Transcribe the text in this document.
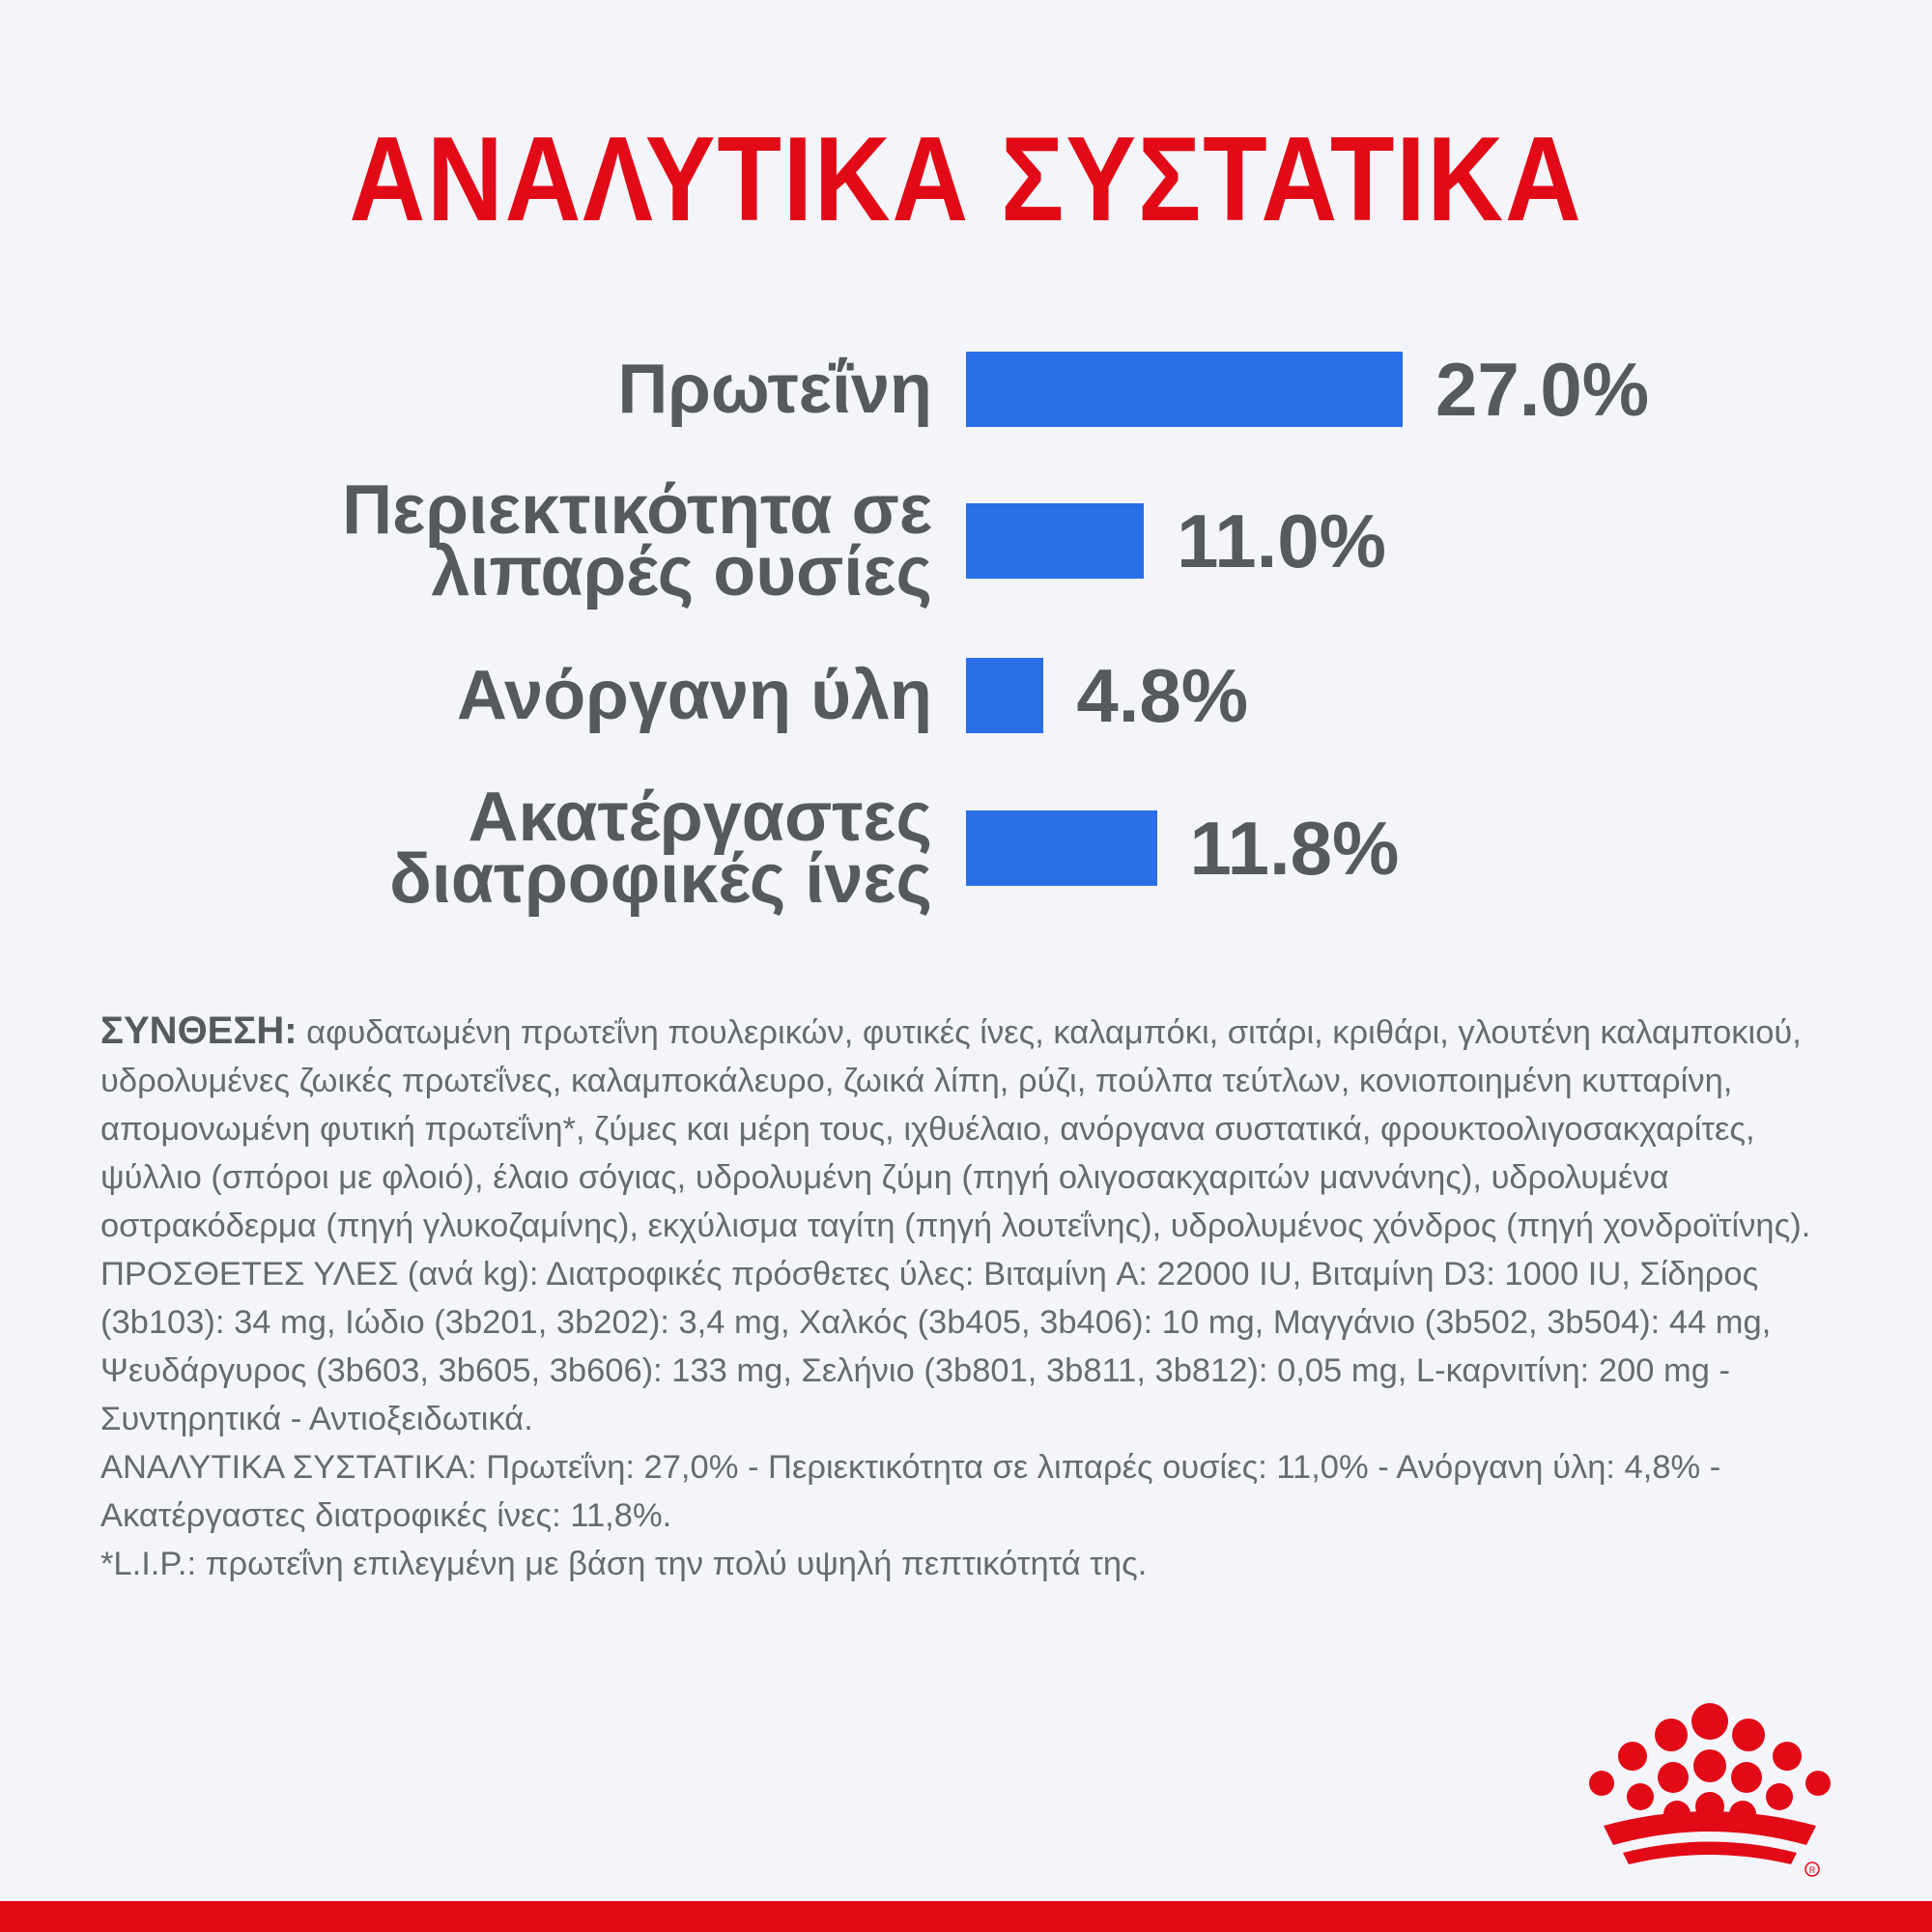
ΑΝΑΛΥΤΙΚΑ ΣΥΣΤΑΤΙΚΑ
Πρωτεΐνη	27.0%
Περιεκτικότητα σε λιπαρές ουσίες	11.0%
Ανόργανη ύλη 4.8%
Ακατέργαστες διατροφικές ίνες	11.8%

ΣΥΝΘΕΣΗ: αφυδατωμένη πρωτεΐνη πουλερικών, φυτικές ίνες, καλαμπόκι, σιτάρι, κριθάρι, γλουτένη καλαμποκιού, υδρολυμένες ζωικές πρωτεΐνες, καλαμποκάλευρο, ζωικά λίπη, ρύζι, πούλπα τεύτλων, κονιοποιημένη κυτταρίνη, απομονωμένη φυτική πρωτεΐνη*, ζύμες και μέρη τους, ιχθυέλαιο, ανόργανα συστατικά, φρουκτοολιγοσακχαρίτες, ψύλλιο (σπόροι με φλοιό), έλαιο σόγιας, υδρολυμένη ζύμη (πηγή ολιγοσακχαριτών μαννάνης), υδρολυμένα οστρακόδερμα (πηγή γλυκοζαμίνης), εκχύλισμα ταγίτη (πηγή λουτεΐνης), υδρολυμένος χόνδρος (πηγή χονδροϊτίνης).

ΠΡΟΣΘΕΤΕΣ ΥΛΕΣ (ανά kg): Διατροφικές πρόσθετες ύλες: Βιταμίνη A: 22000 IU, Βιταμίνη D3: 1000 IU, Σίδηρος (3b103): 34 mg, Ιώδιο (3b201, 3b202): 3,4 mg, Χαλκός (3b405, 3b406): 10 mg, Μαγγάνιο (3b502, 3b504): 44 mg, Ψευδάργυρος (3b603, 3b605, 3b606): 133 mg, Σελήνιο (3b801, 3b811, 3b812): 0,05 mg, L-καρνιτίνη: 200 mg - Συντηρητικά - Αντιοξειδωτικά.

ΑΝΑΛΥΤΙΚΑ ΣΥΣΤΑΤΙΚΑ: Πρωτεΐνη: 27,0% - Περιεκτικότητα σε λιπαρές ουσίες: 11,0% - Ανόργανη ύλη: 4,8% - Ακατέργαστες διατροφικές ίνες: 11,8%.

*L.I.P.: πρωτεΐνη επιλεγμένη με βάση την πολύ υψηλή πεπτικότητά της.

R
